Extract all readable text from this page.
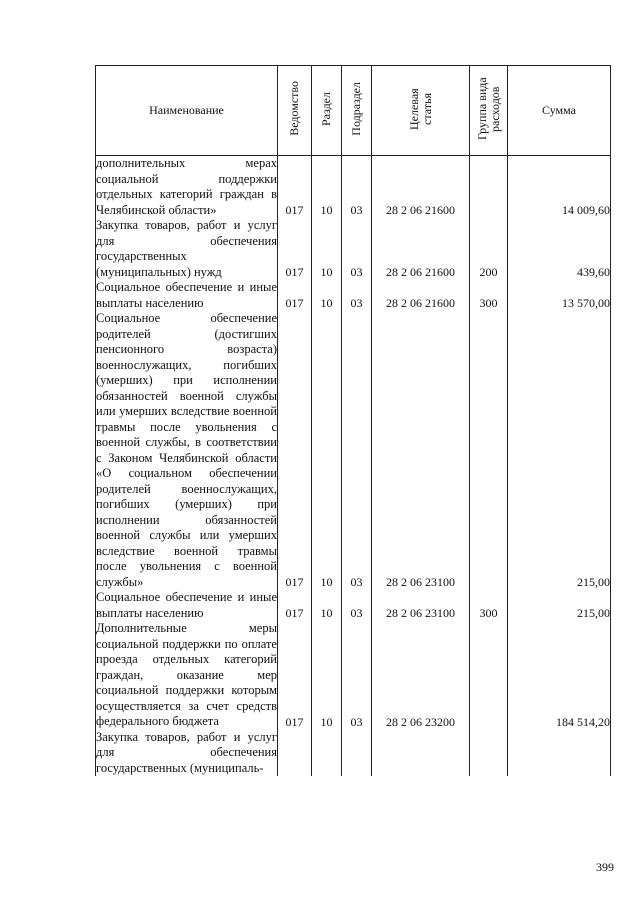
Наименование	Ведомство	Раздел	Подраздел	Целевая статья	Группа вида расходов	Сумма
дополнительных мерах социальной поддержки отдельных категорий граждан в Челябинской области»	017	10	03	28 2 06 21600		14 009,60
Закупка товаров, работ и услуг для обеспечения государственных (муниципальных) нужд	017	10	03	28 2 06 21600	200	439,60
Социальное обеспечение и иные выплаты населению	017	10	03	28 2 06 21600	300	13 570,00
Социальное обеспечение родителей (достигших пенсионного возраста) военнослужащих, погибших (умерших) при исполнении обязанностей военной службы или умерших вследствие военной травмы после увольнения с военной службы, в соответствии с Законом Челябинской области «О социальном обеспечении родителей военнослужащих, погибших (умерших) при исполнении обязанностей военной службы или умерших вследствие военной травмы после увольнения с военной службы»	017	10	03	28 2 06 23100		215,00
Социальное обеспечение и иные выплаты населению	017	10	03	28 2 06 23100	300	215,00
Дополнительные меры социальной поддержки по оплате проезда отдельных категорий граждан, оказание мер социальной поддержки которым осуществляется за счет средств федерального бюджета	017	10	03	28 2 06 23200		184 514,20
Закупка товаров, работ и услуг для обеспечения государственных (муниципаль-						
399
